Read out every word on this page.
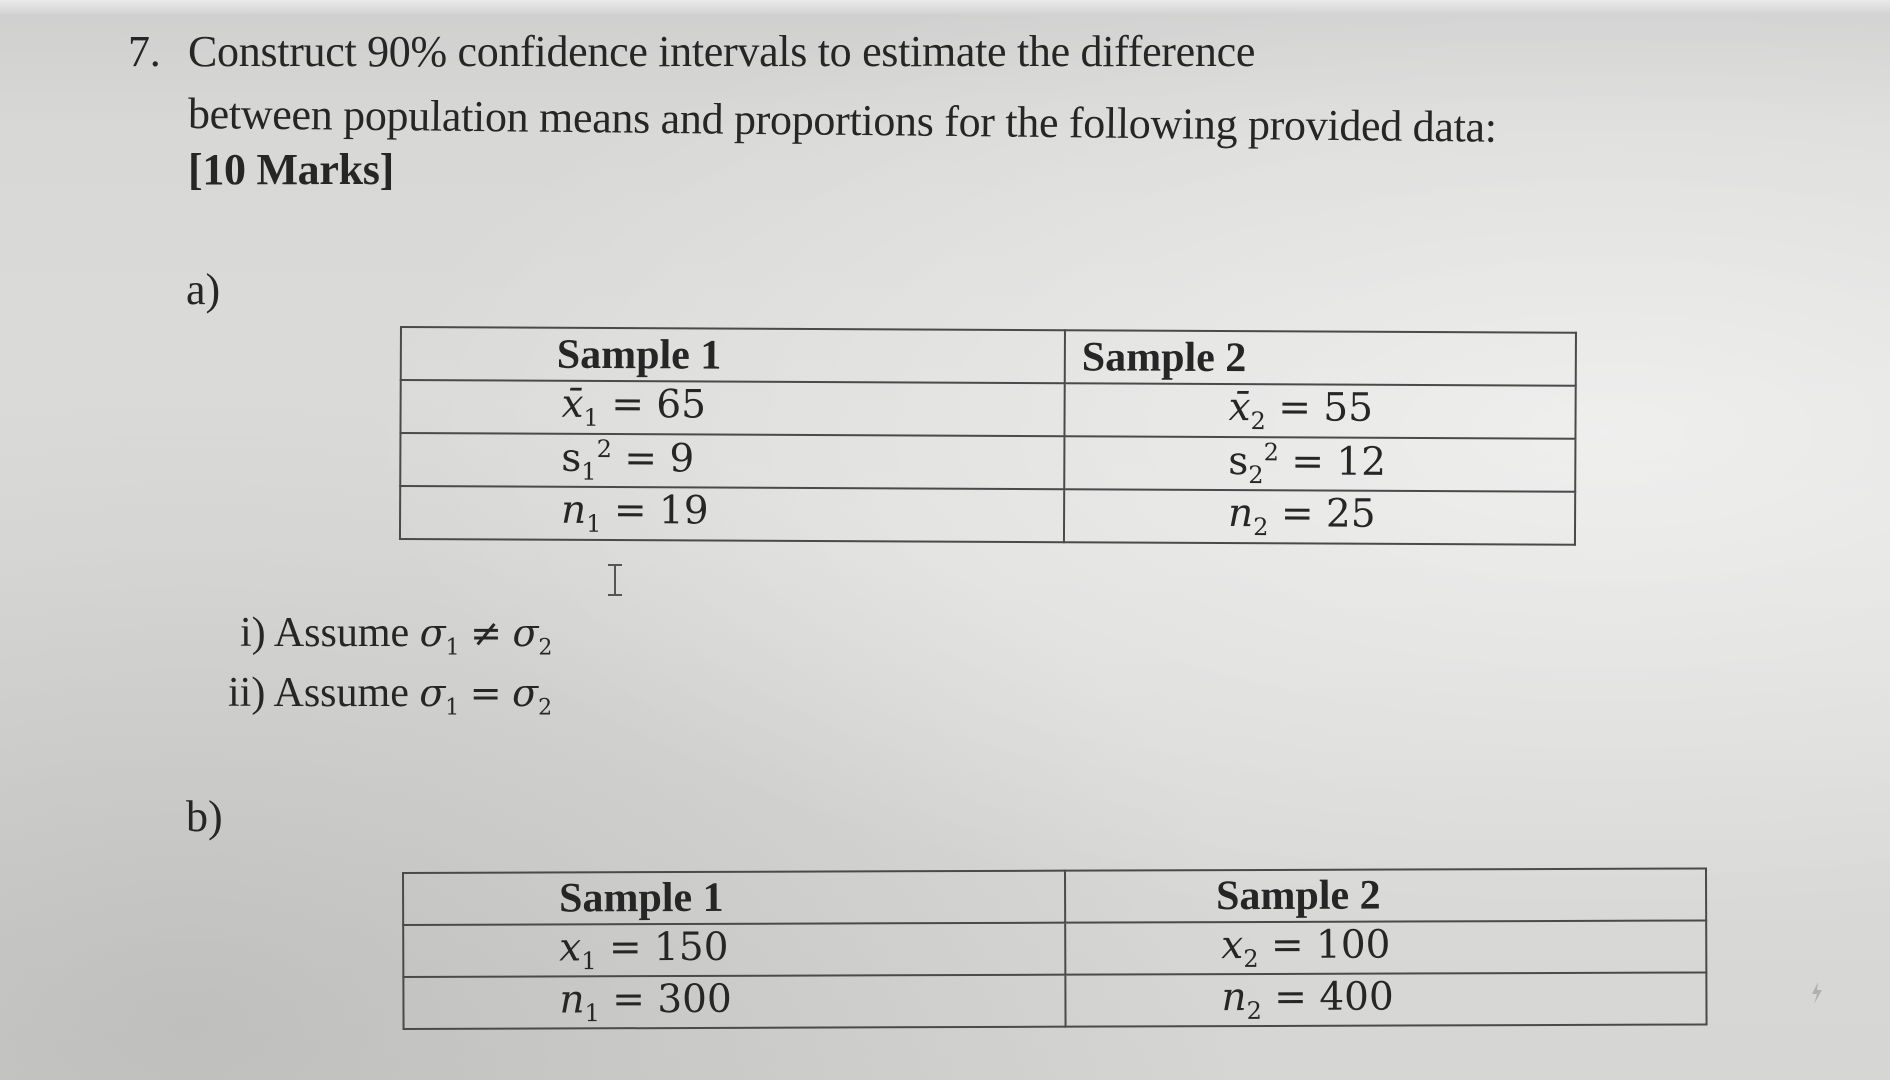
7. Construct 90% confidence intervals to estimate the difference
between population means and proportions for the following provided data:
[10 Marks]
a)
Sample 1	Sample 2
$x̄_1 = 65$	$x̄_2 = 55$
$s_1^2 = 9$	$s_2^2 = 12$
$n_1 = 19$	$n_2 = 25$
i) Assume $\sigma_1 \ne \sigma_2$
ii) Assume $\sigma_1 = \sigma_2$
b)
Sample 1	Sample 2
$x_1 = 150$	$x_2 = 100$
$n_1 = 300$	$n_2 = 400$
